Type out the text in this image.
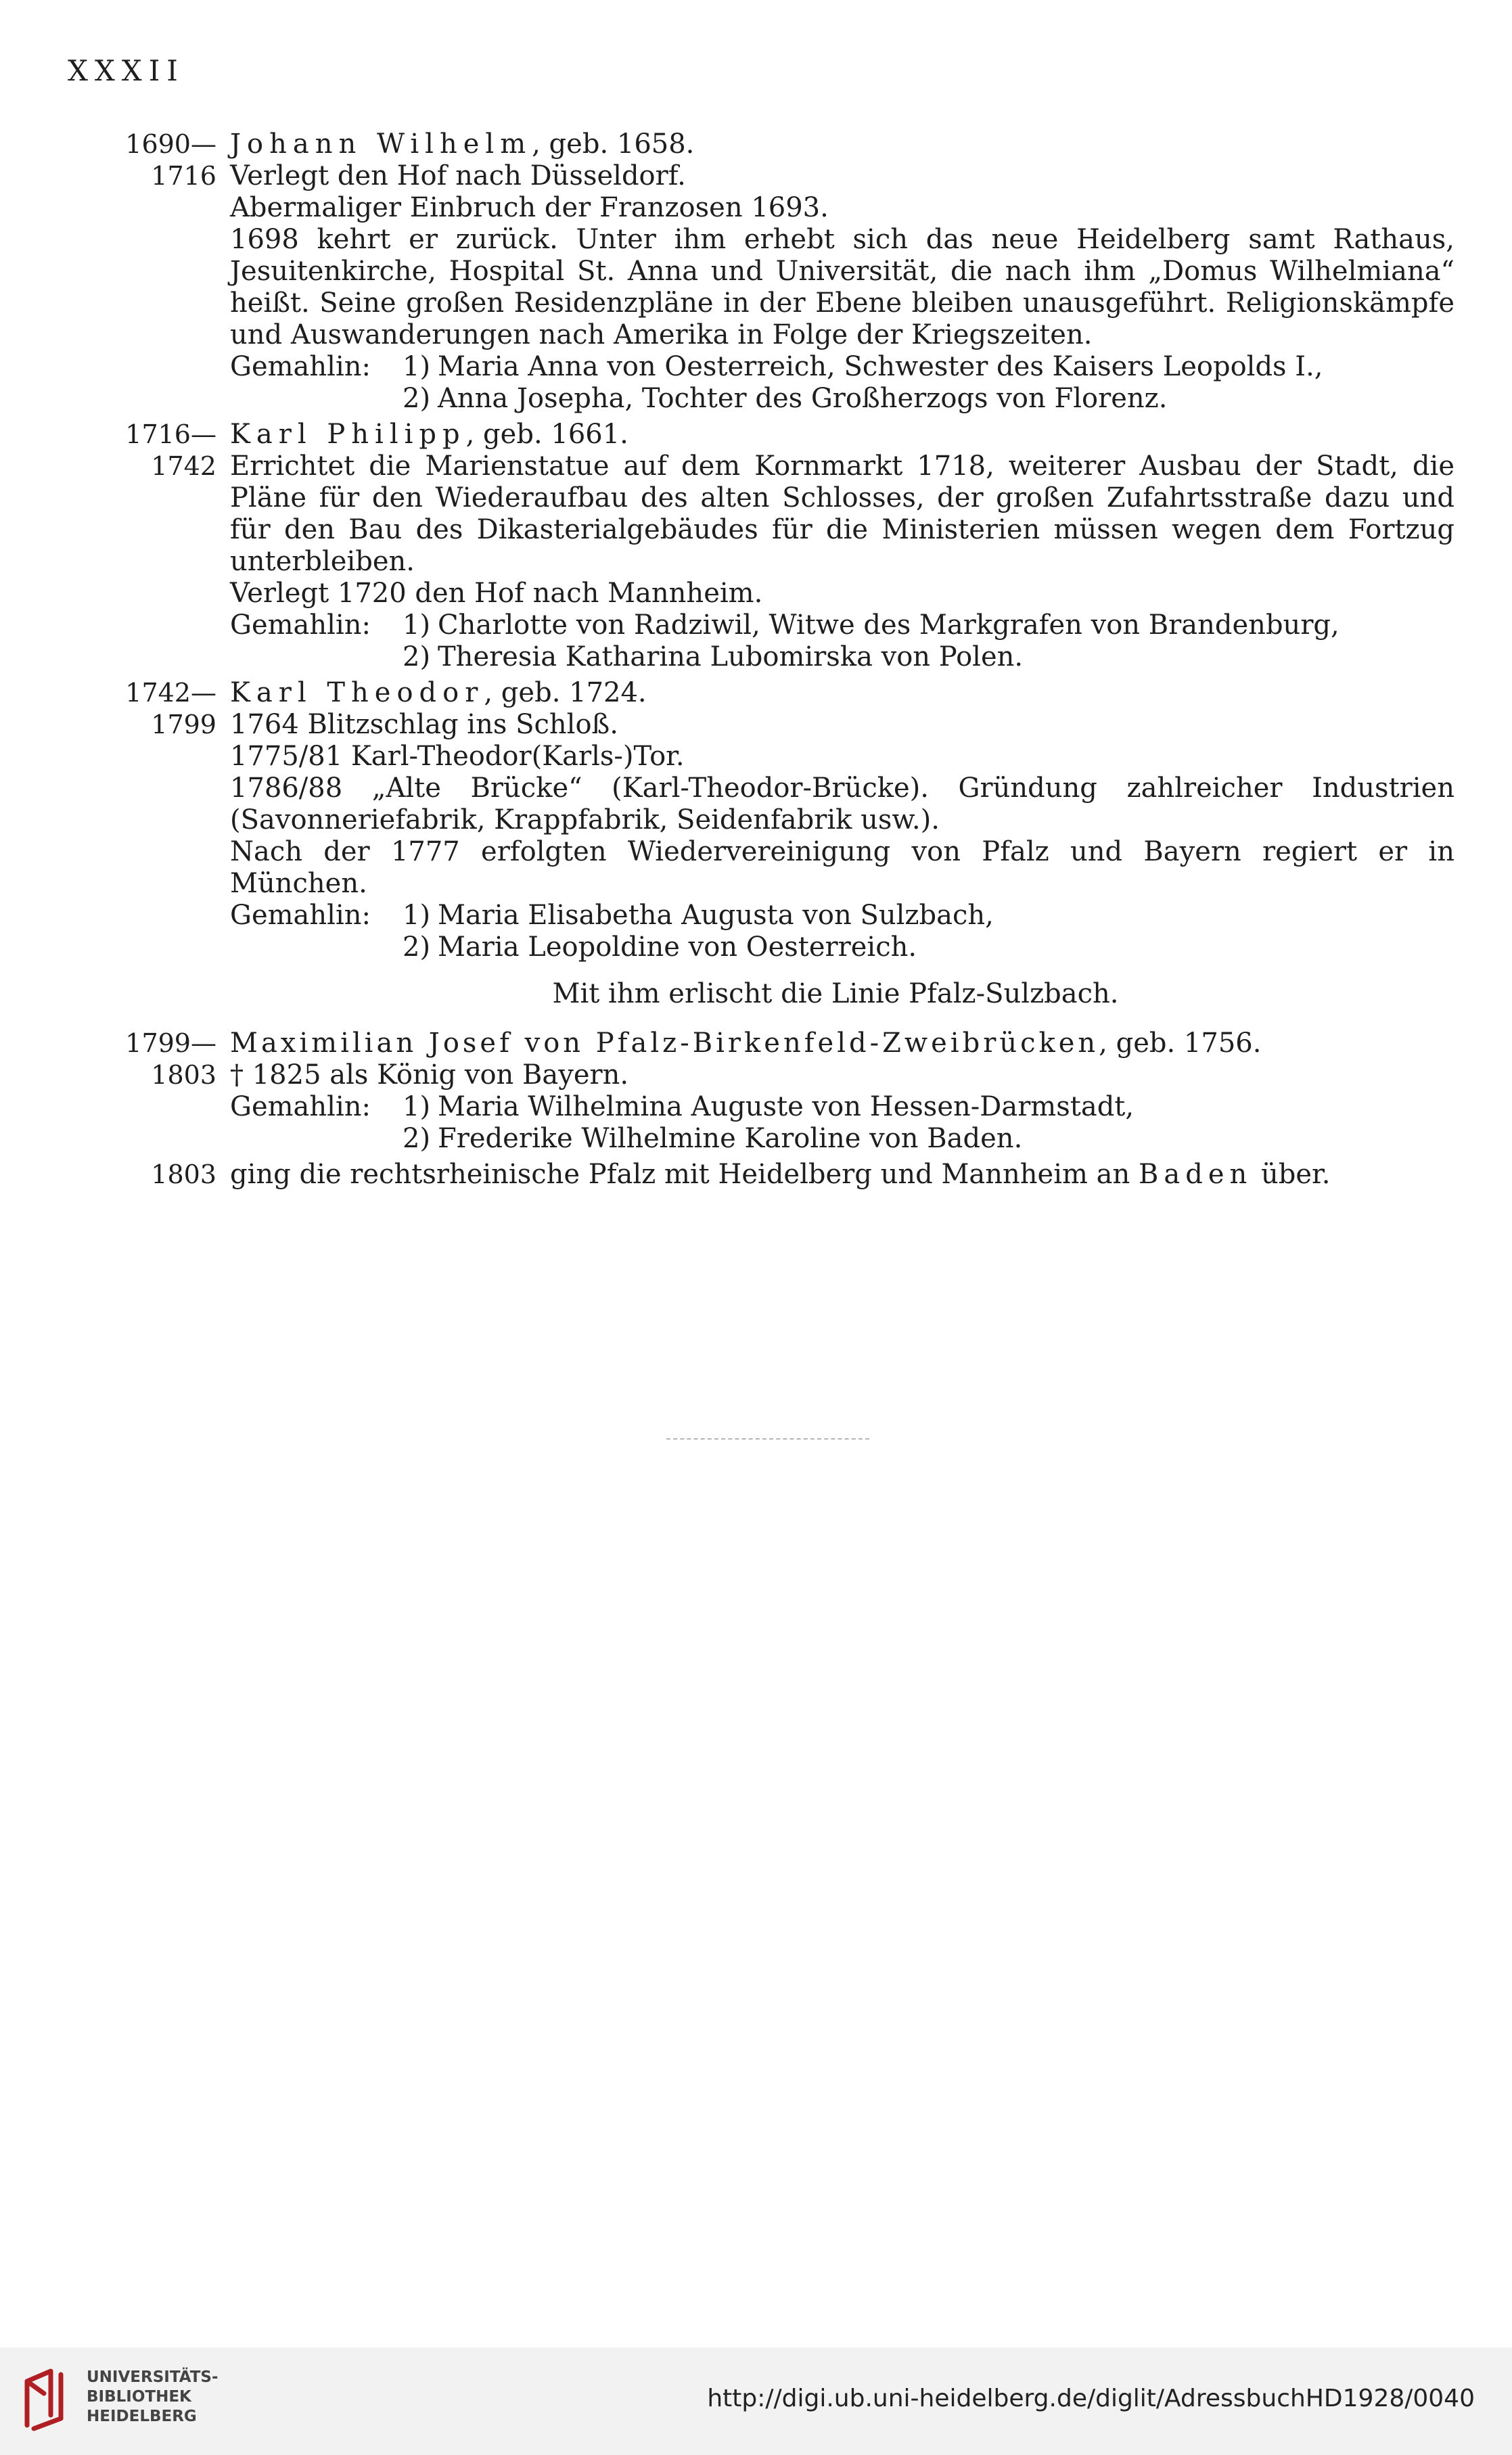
XXXII
1690—1716
Johann Wilhelm, geb. 1658.
Verlegt den Hof nach Düsseldorf.
Abermaliger Einbruch der Franzosen 1693.
1698 kehrt er zurück. Unter ihm erhebt sich das neue Heidelberg samt Rathaus, Jesuitenkirche, Hospital St. Anna und Universität, die nach ihm „Domus Wilhelmiana“ heißt. Seine großen Residenzpläne in der Ebene bleiben unausgeführt. Religionskämpfe und Auswanderungen nach Amerika in Folge der Kriegszeiten.
Gemahlin:	1) Maria Anna von Oesterreich, Schwester des Kaisers Leopolds I.,
2) Anna Josepha, Tochter des Großherzogs von Florenz.
1716—1742
Karl Philipp, geb. 1661.
Errichtet die Marienstatue auf dem Kornmarkt 1718, weiterer Ausbau der Stadt, die Pläne für den Wiederaufbau des alten Schlosses, der großen Zufahrtsstraße dazu und für den Bau des Dikasterialgebäudes für die Ministerien müssen wegen dem Fortzug unterbleiben.
Verlegt 1720 den Hof nach Mannheim.
Gemahlin:	1) Charlotte von Radziwil, Witwe des Markgrafen von Brandenburg,
2) Theresia Katharina Lubomirska von Polen.
1742—1799
Karl Theodor, geb. 1724.
1764 Blitzschlag ins Schloß.
1775/81 Karl-Theodor(Karls-)Tor.
1786/88 „Alte Brücke“ (Karl-Theodor-Brücke). Gründung zahlreicher Industrien (Savonneriefabrik, Krappfabrik, Seidenfabrik usw.).
Nach der 1777 erfolgten Wiedervereinigung von Pfalz und Bayern regiert er in München.
Gemahlin:	1) Maria Elisabetha Augusta von Sulzbach,
2) Maria Leopoldine von Oesterreich.
Mit ihm erlischt die Linie Pfalz-Sulzbach.
1799—1803
Maximilian Josef von Pfalz-Birkenfeld-Zweibrücken, geb. 1756.
† 1825 als König von Bayern.
Gemahlin:	1) Maria Wilhelmina Auguste von Hessen-Darmstadt,
2) Frederike Wilhelmine Karoline von Baden.
1803 ging die rechtsrheinische Pfalz mit Heidelberg und Mannheim an Baden über.
UNIVERSITÄTS-
BIBLIOTHEK
HEIDELBERG
http://digi.ub.uni-heidelberg.de/diglit/AdressbuchHD1928/0040
